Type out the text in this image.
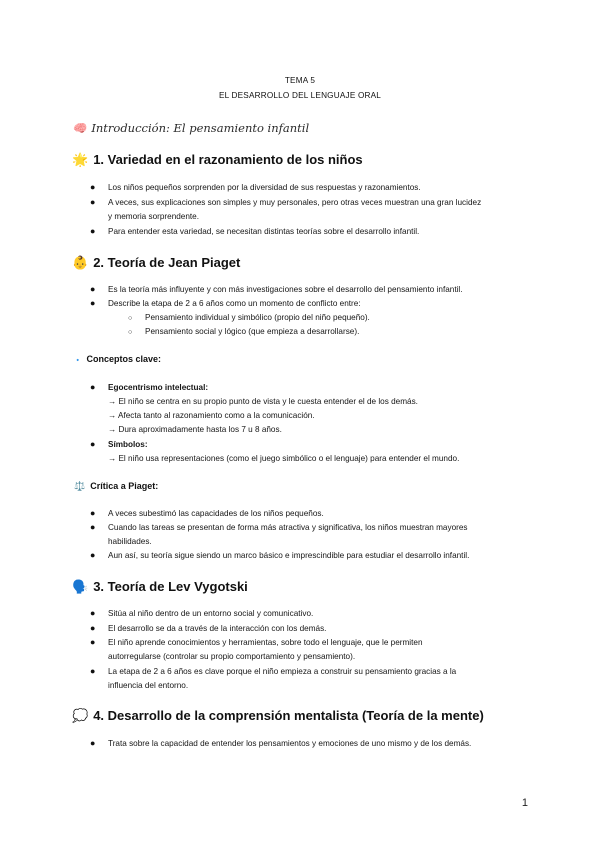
TEMA 5
EL DESARROLLO DEL LENGUAJE ORAL
🧠 Introducción: El pensamiento infantil
🌟 1. Variedad en el razonamiento de los niños
● Los niños pequeños sorprenden por la diversidad de sus respuestas y razonamientos.
● A veces, sus explicaciones son simples y muy personales, pero otras veces muestran una gran lucidez
y memoria sorprendente.
● Para entender esta variedad, se necesitan distintas teorías sobre el desarrollo infantil.
👶 2. Teoría de Jean Piaget
● Es la teoría más influyente y con más investigaciones sobre el desarrollo del pensamiento infantil.
● Describe la etapa de 2 a 6 años como un momento de conflicto entre:
○ Pensamiento individual y simbólico (propio del niño pequeño).
○ Pensamiento social y lógico (que empieza a desarrollarse).
🔹 Conceptos clave:
● Egocentrismo intelectual:
→ El niño se centra en su propio punto de vista y le cuesta entender el de los demás.
→ Afecta tanto al razonamiento como a la comunicación.
→ Dura aproximadamente hasta los 7 u 8 años.
● Símbolos:
→ El niño usa representaciones (como el juego simbólico o el lenguaje) para entender el mundo.
⚖️ Crítica a Piaget:
● A veces subestimó las capacidades de los niños pequeños.
● Cuando las tareas se presentan de forma más atractiva y significativa, los niños muestran mayores
habilidades.
● Aun así, su teoría sigue siendo un marco básico e imprescindible para estudiar el desarrollo infantil.
🗣️ 3. Teoría de Lev Vygotski
● Sitúa al niño dentro de un entorno social y comunicativo.
● El desarrollo se da a través de la interacción con los demás.
● El niño aprende conocimientos y herramientas, sobre todo el lenguaje, que le permiten
autorregularse (controlar su propio comportamiento y pensamiento).
● La etapa de 2 a 6 años es clave porque el niño empieza a construir su pensamiento gracias a la
influencia del entorno.
💭 4. Desarrollo de la comprensión mentalista (Teoría de la mente)
● Trata sobre la capacidad de entender los pensamientos y emociones de uno mismo y de los demás.
1
